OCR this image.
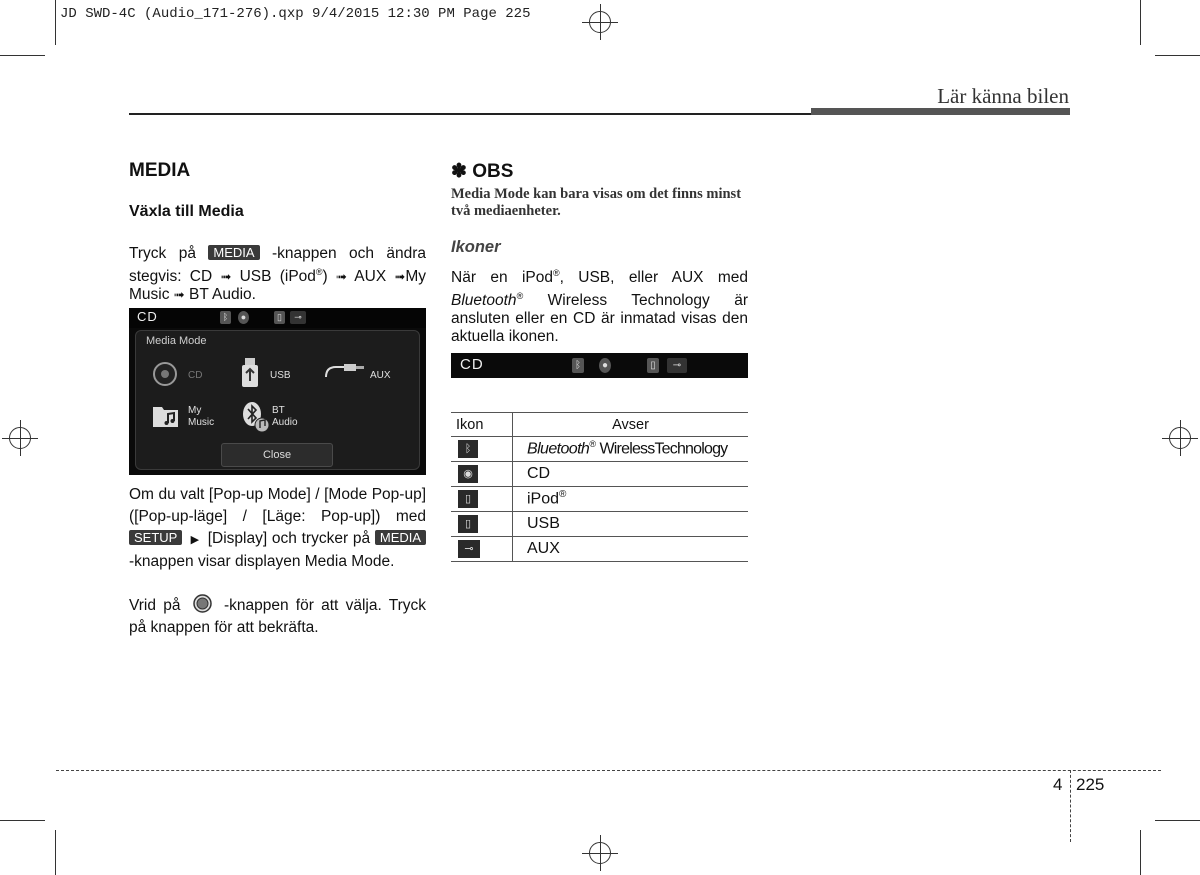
JD SWD-4C (Audio_171-276).qxp 9/4/2015 12:30 PM Page 225
Lär känna bilen
MEDIA
Växla till Media
Tryck på MEDIA -knappen och ändra stegvis: CD ➟ USB (iPod®) ➟ AUX ➟My Music ➟ BT Audio.
CD	ᛒ	●	▯	⊸
Media Mode
CD	USB	AUX
My
Music
BT
Audio
Close
Om du valt [Pop-up Mode] / [Mode Pop-up] ([Pop-up-läge] / [Läge: Pop-up]) med SETUP  ▶  [Display] och trycker på MEDIA-knappen visar displayen Media Mode.
Vrid på	-knappen för att välja. Tryck på knappen för att bekräfta.
✽ OBS
Media Mode kan bara visas om det finns minst två mediaenheter.
Ikoner
När en iPod®, USB, eller AUX med Bluetooth® Wireless Technology är ansluten eller en CD är inmatad visas den aktuella ikonen.
CD	ᛒ	●	▯	⊸
Ikon	Avser
ᛒ	Bluetooth® WirelessTechnology
◉	CD
▯	iPod®
▯	USB
⊸	AUX
4 225
